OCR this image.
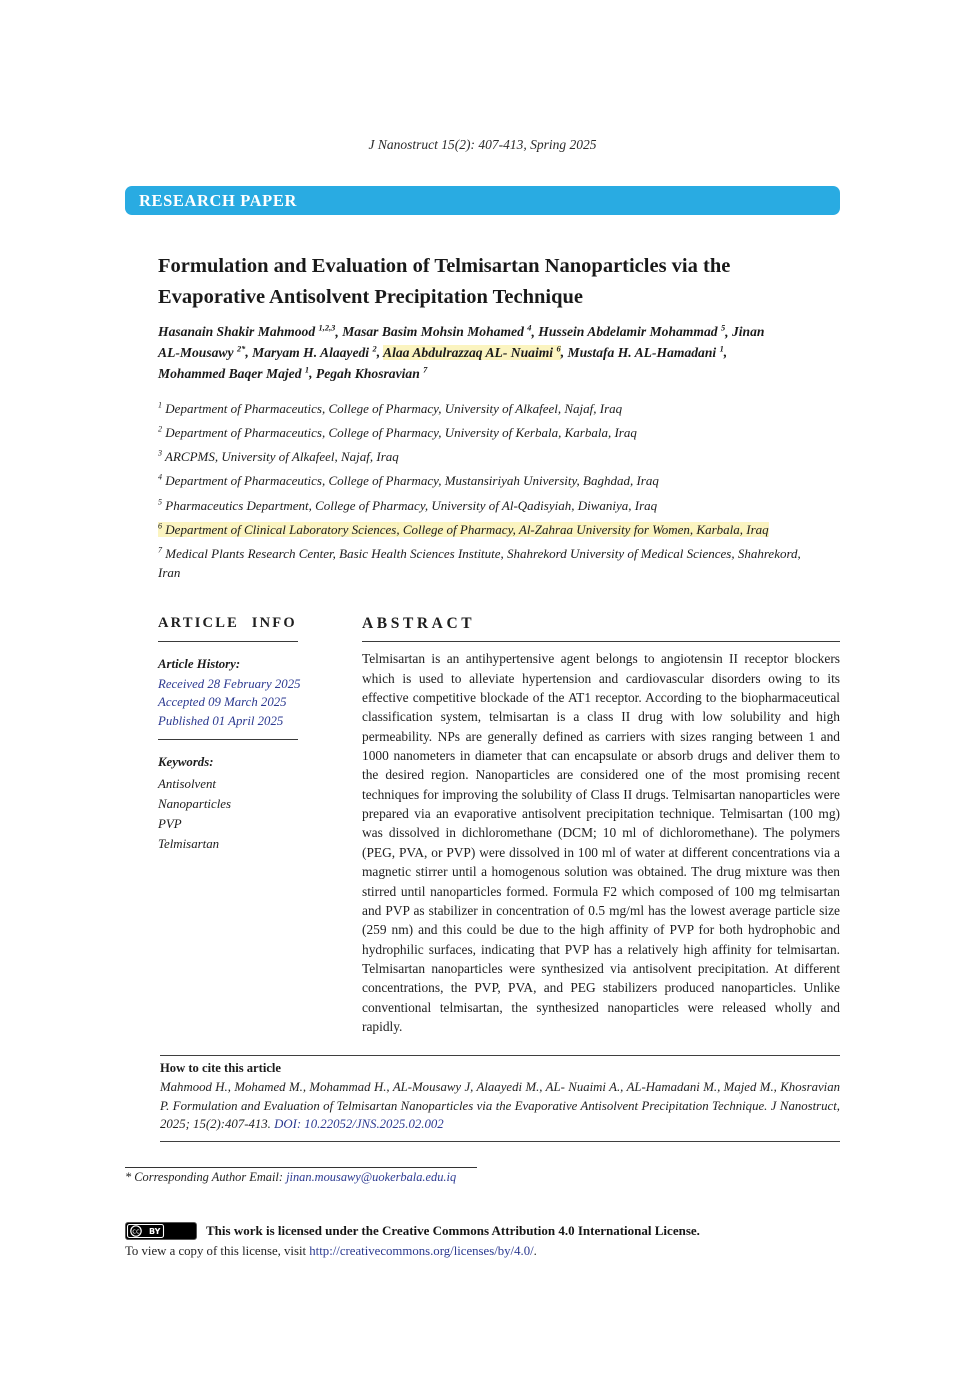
J Nanostruct 15(2): 407-413, Spring 2025
RESEARCH PAPER
Formulation and Evaluation of Telmisartan Nanoparticles via the Evaporative Antisolvent Precipitation Technique

Hasanain Shakir Mahmood $^{1,2,3}$, Masar Basim Mohsin Mohamed $^4$, Hussein Abdelamir Mohammad $^5$, Jinan AL-Mousawy $^{2*}$, Maryam H. Alaayedi $^2$, Alaa Abdulrazzaq AL- Nuaimi $^6$, Mustafa H. AL-Hamadani $^1$, Mohammed Baqer Majed $^1$, Pegah Khosravian $^7$

$^1$ Department of Pharmaceutics, College of Pharmacy, University of Alkafeel, Najaf, Iraq
$^2$ Department of Pharmaceutics, College of Pharmacy, University of Kerbala, Karbala, Iraq
$^3$ ARCPMS, University of Alkafeel, Najaf, Iraq
$^4$ Department of Pharmaceutics, College of Pharmacy, Mustansiriyah University, Baghdad, Iraq
$^5$ Pharmaceutics Department, College of Pharmacy, University of Al-Qadisyiah, Diwaniya, Iraq
$^6$ Department of Clinical Laboratory Sciences, College of Pharmacy, Al-Zahraa University for Women, Karbala, Iraq
$^7$ Medical Plants Research Center, Basic Health Sciences Institute, Shahrekord University of Medical Sciences, Shahrekord, Iran
ARTICLE INFO
Article History:
Received 28 February 2025
Accepted 09 March 2025
Published 01 April 2025
Keywords:
Antisolvent
Nanoparticles
PVP
Telmisartan
ABSTRACT

Telmisartan is an antihypertensive agent belongs to angiotensin II receptor blockers which is used to alleviate hypertension and cardiovascular disorders owing to its effective competitive blockade of the AT1 receptor. According to the biopharmaceutical classification system, telmisartan is a class II drug with low solubility and high permeability. NPs are generally defined as carriers with sizes ranging between 1 and 1000 nanometers in diameter that can encapsulate or absorb drugs and deliver them to the desired region. Nanoparticles are considered one of the most promising recent techniques for improving the solubility of Class II drugs. Telmisartan nanoparticles were prepared via an evaporative antisolvent precipitation technique. Telmisartan (100 mg) was dissolved in dichloromethane (DCM; 10 ml of dichloromethane). The polymers (PEG, PVA, or PVP) were dissolved in 100 ml of water at different concentrations via a magnetic stirrer until a homogenous solution was obtained. The drug mixture was then stirred until nanoparticles formed. Formula F2 which composed of 100 mg telmisartan and PVP as stabilizer in concentration of 0.5 mg/ml has the lowest average particle size (259 nm) and this could be due to the high affinity of PVP for both hydrophobic and hydrophilic surfaces, indicating that PVP has a relatively high affinity for telmisartan. Telmisartan nanoparticles were synthesized via antisolvent precipitation. At different concentrations, the PVP, PVA, and PEG stabilizers produced nanoparticles. Unlike conventional telmisartan, the synthesized nanoparticles were released wholly and rapidly.

How to cite this article

Mahmood H., Mohamed M., Mohammad H., AL-Mousawy J, Alaayedi M., AL- Nuaimi A., AL-Hamadani M., Majed M., Khosravian P. Formulation and Evaluation of Telmisartan Nanoparticles via the Evaporative Antisolvent Precipitation Technique. J Nanostruct, 2025; 15(2):407-413. DOI: 10.22052/JNS.2025.02.002

* Corresponding Author Email: jinan.mousawy@uokerbala.edu.iq

cc BY	This work is licensed under the Creative Commons Attribution 4.0 International License.
To view a copy of this license, visit http://creativecommons.org/licenses/by/4.0/.
